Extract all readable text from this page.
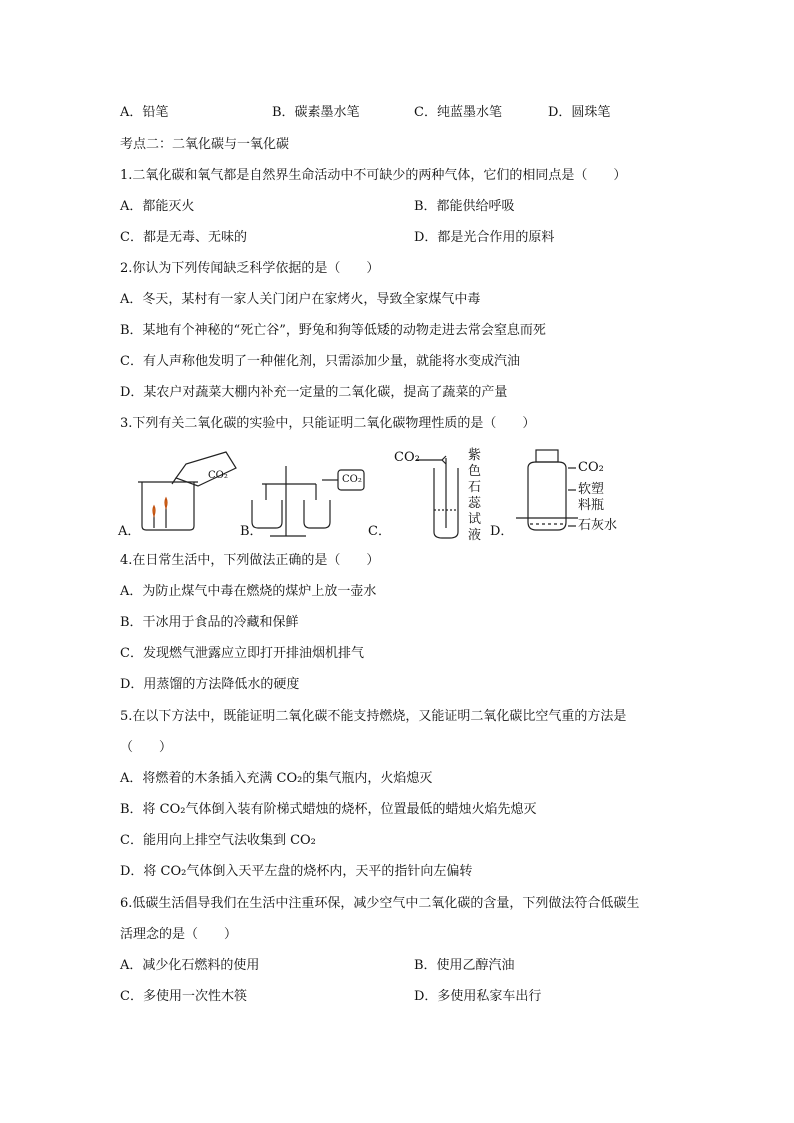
A．铅笔	B．碳素墨水笔	C．纯蓝墨水笔	D．圆珠笔
考点二：二氧化碳与一氧化碳
1.二氧化碳和氧气都是自然界生命活动中不可缺少的两种气体，它们的相同点是（　　）
A．都能灭火	B．都能供给呼吸
C．都是无毒、无味的	D．都是光合作用的原料
2.你认为下列传闻缺乏科学依据的是（　　）
A．冬天，某村有一家人关门闭户在家烤火，导致全家煤气中毒
B．某地有个神秘的“死亡谷”，野兔和狗等低矮的动物走进去常会窒息而死
C．有人声称他发明了一种催化剂，只需添加少量，就能将水变成汽油
D．某农户对蔬菜大棚内补充一定量的二氧化碳，提高了蔬菜的产量
3.下列有关二氧化碳的实验中，只能证明二氧化碳物理性质的是（　　）
A．
CO₂
B．
CO₂
C．
CO₂	紫
色
石
蕊
试
液 D．
CO₂
软塑
料瓶
石灰水
4.在日常生活中，下列做法正确的是（　　）
A．为防止煤气中毒在燃烧的煤炉上放一壶水
B．干冰用于食品的冷藏和保鲜
C．发现燃气泄露应立即打开排油烟机排气
D．用蒸馏的方法降低水的硬度
5.在以下方法中，既能证明二氧化碳不能支持燃烧，又能证明二氧化碳比空气重的方法是
（　　）
A．将燃着的木条插入充满 CO₂的集气瓶内，火焰熄灭
B．将 CO₂气体倒入装有阶梯式蜡烛的烧杯，位置最低的蜡烛火焰先熄灭
C．能用向上排空气法收集到 CO₂
D．将 CO₂气体倒入天平左盘的烧杯内，天平的指针向左偏转
6.低碳生活倡导我们在生活中注重环保，减少空气中二氧化碳的含量，下列做法符合低碳生
活理念的是（　　）
A．减少化石燃料的使用	B．使用乙醇汽油
C．多使用一次性木筷	D．多使用私家车出行
